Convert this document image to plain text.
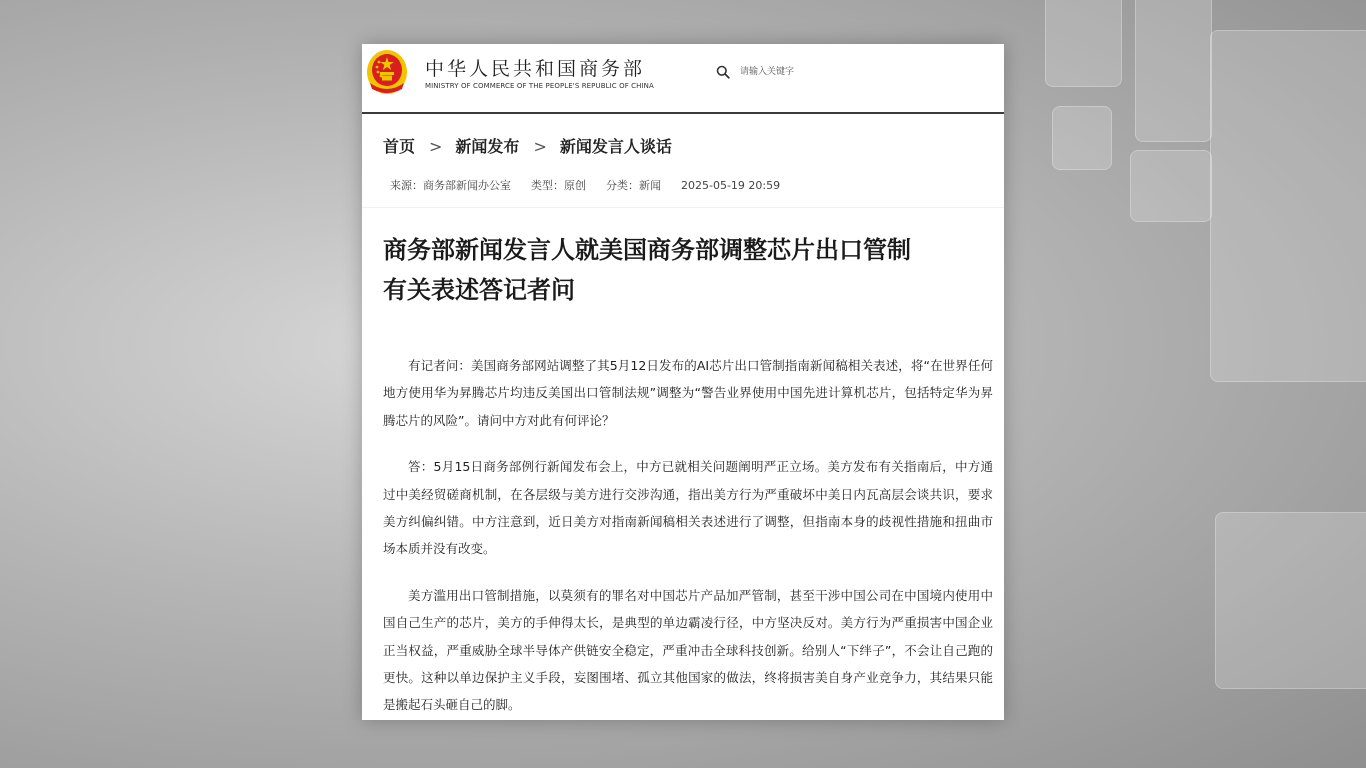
中华人民共和国商务部
MINISTRY OF COMMERCE OF THE PEOPLE'S REPUBLIC OF CHINA
请输入关键字
首页 > 新闻发布 > 新闻发言人谈话
来源：商务部新闻办公室 类型：原创 分类：新闻 2025-05-19 20:59
商务部新闻发言人就美国商务部调整芯片出口管制
有关表述答记者问

有记者问：美国商务部网站调整了其5月12日发布的AI芯片出口管制指南新闻稿相关表述，将“在世界任何地方使用华为昇腾芯片均违反美国出口管制法规”调整为“警告业界使用中国先进计算机芯片，包括特定华为昇腾芯片的风险”。请问中方对此有何评论？

答：5月15日商务部例行新闻发布会上，中方已就相关问题阐明严正立场。美方发布有关指南后，中方通过中美经贸磋商机制，在各层级与美方进行交涉沟通，指出美方行为严重破坏中美日内瓦高层会谈共识，要求美方纠偏纠错。中方注意到，近日美方对指南新闻稿相关表述进行了调整，但指南本身的歧视性措施和扭曲市场本质并没有改变。

美方滥用出口管制措施，以莫须有的罪名对中国芯片产品加严管制，甚至干涉中国公司在中国境内使用中国自己生产的芯片，美方的手伸得太长，是典型的单边霸凌行径，中方坚决反对。美方行为严重损害中国企业正当权益，严重威胁全球半导体产供链安全稳定，严重冲击全球科技创新。给别人“下绊子”，不会让自己跑的更快。这种以单边保护主义手段，妄图围堵、孤立其他国家的做法，终将损害美自身产业竞争力，其结果只能是搬起石头砸自己的脚。
